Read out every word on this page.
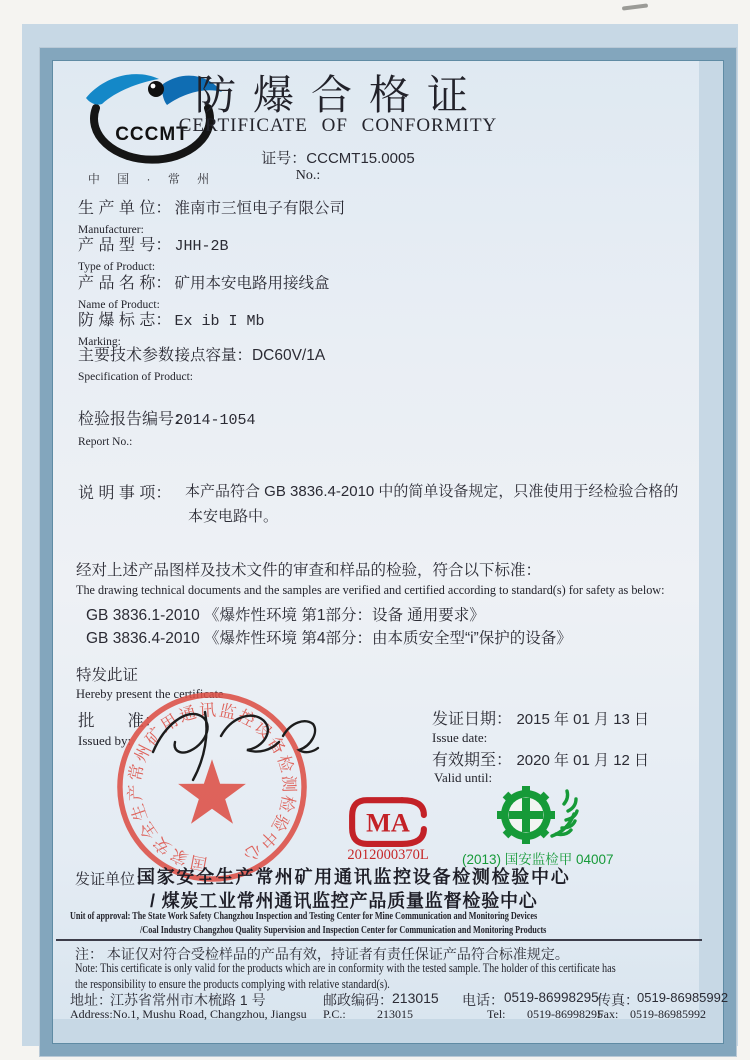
CCCMT
中 国 · 常 州
防爆合格证
CERTIFICATE OF CONFORMITY
证号：CCCMT15.0005
No.:
生 产 单 位： 淮南市三恒电子有限公司
Manufacturer:
产 品 型 号： JHH-2B
Type of Product:
产 品 名 称： 矿用本安电路用接线盒
Name of Product:
防 爆 标 志： Ex ib I Mb
Marking:
主要技术参数： 接点容量：DC60V/1A
Specification of Product:
检验报告编号： 2014-1054
Report No.:
说 明 事 项： 本产品符合 GB 3836.4-2010 中的简单设备规定，只准使用于经检验合格的
本安电路中。
经对上述产品图样及技术文件的审查和样品的检验，符合以下标准：
The drawing technical documents and the samples are verified and certified according to standard(s) for safety as below:
GB 3836.1-2010 《爆炸性环境 第1部分：设备 通用要求》
GB 3836.4-2010 《爆炸性环境 第4部分：由本质安全型“i”保护的设备》
特发此证
Hereby present the certificate
批　　准：
Issued by:
国家安全生产常州矿用通讯监控设备检测检验中心
发证日期： 2015 年 01 月 13 日
Issue date:
有效期至： 2020 年 01 月 12 日
Valid until:
MA
2012000370L	(2013) 国安监检甲 04007
发证单位：
国家安全生产常州矿用通讯监控设备检测检验中心
/ 煤炭工业常州通讯监控产品质量监督检验中心
Unit of approval: The State Work Safety Changzhou Inspection and Testing Center for Mine Communication and Monitoring Devices
/Coal Industry Changzhou Quality Supervision and Inspection Center for Communication and Monitoring Products
注： 本证仅对符合受检样品的产品有效，持证者有责任保证产品符合标准规定。
Note: This certificate is only valid for the products which are in conformity with the tested sample. The holder of this certificate has
the responsibility to ensure the products complying with relative standard(s).
地址：
江苏省常州市木梳路 1 号	邮政编码： 213015 电话： 0519-86998295
传真：
0519-86985992
Address:No.1, Mushu Road, Changzhou, Jiangsu P.C.:	213015	Tel: 0519-86998295
Fax: 0519-86985992
